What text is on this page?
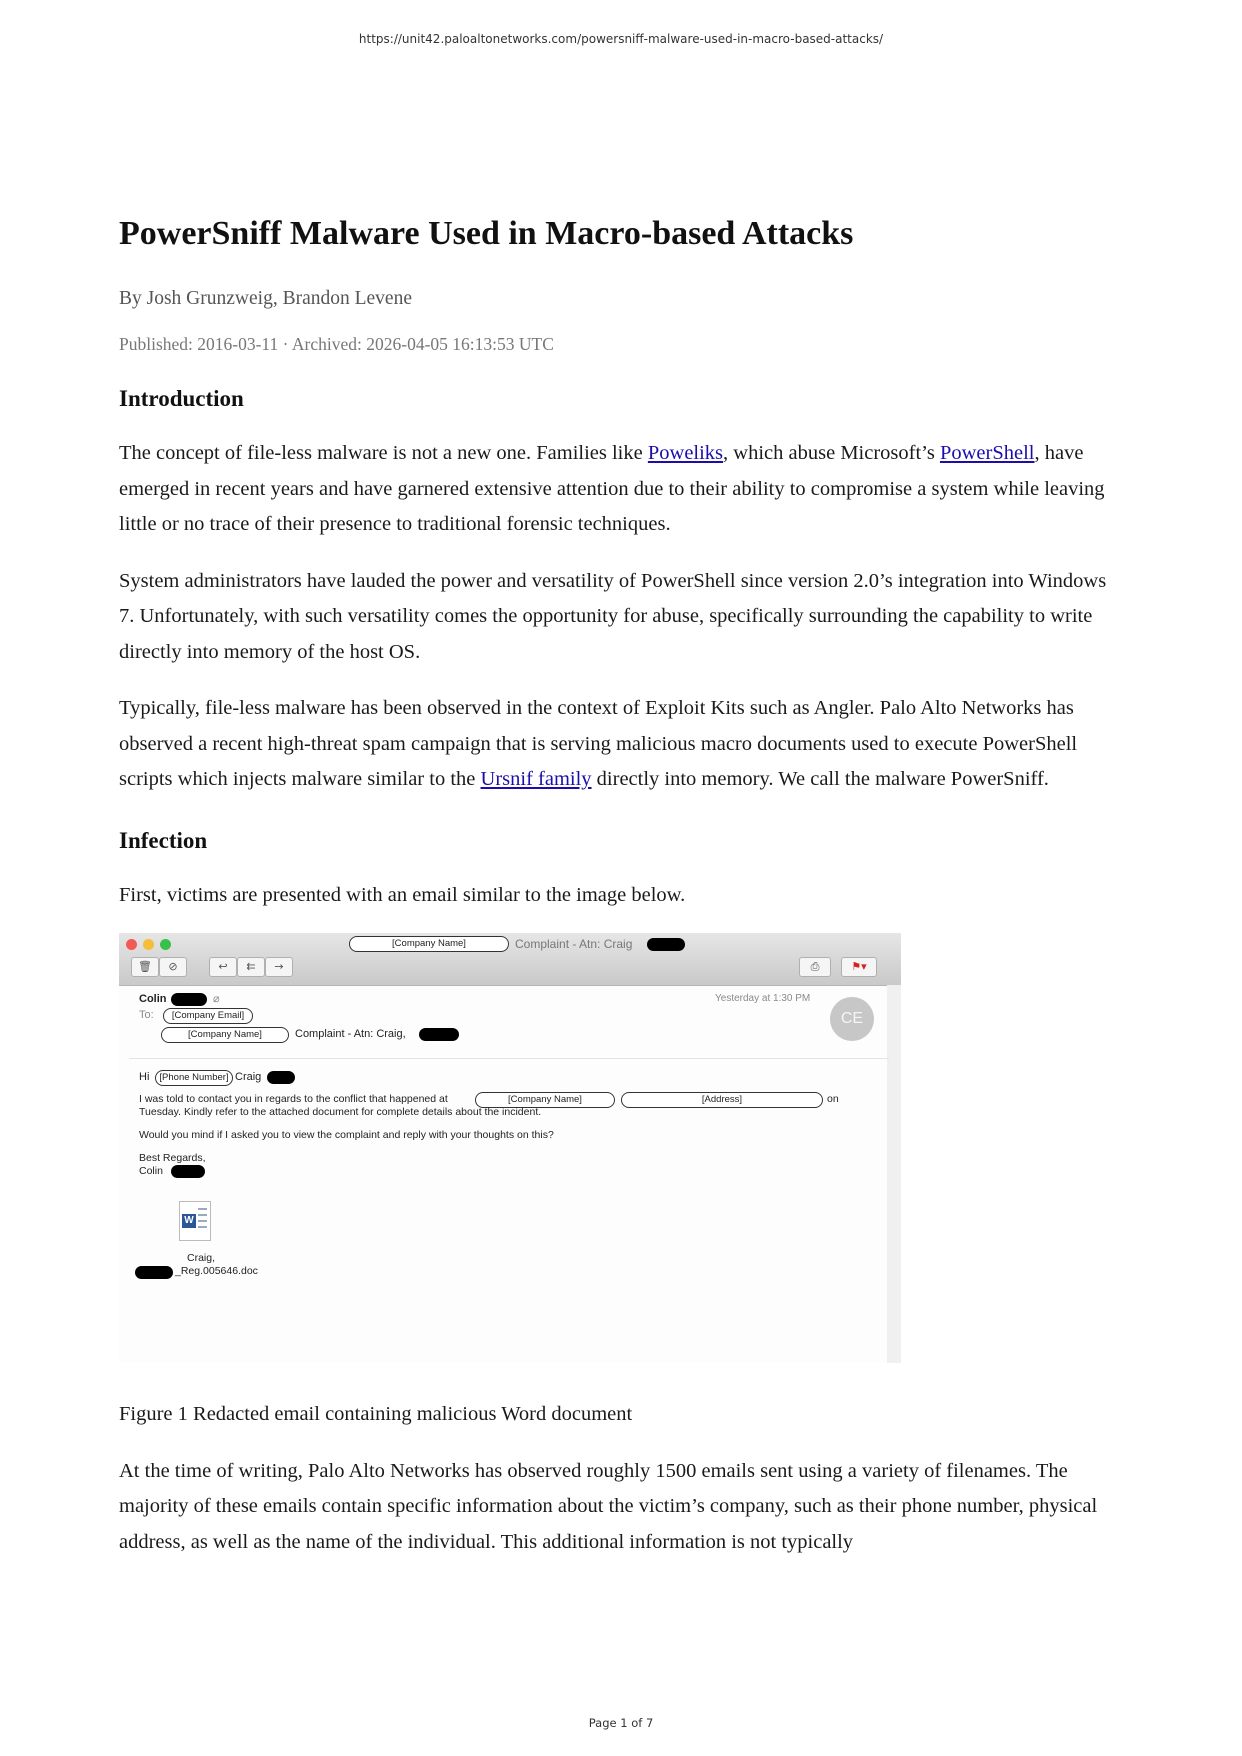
https://unit42.paloaltonetworks.com/powersniff-malware-used-in-macro-based-attacks/
PowerSniff Malware Used in Macro-based Attacks
By Josh Grunzweig, Brandon Levene
Published: 2016-03-11 · Archived: 2026-04-05 16:13:53 UTC
Introduction

The concept of file-less malware is not a new one. Families like Poweliks, which abuse Microsoft’s PowerShell, have emerged in recent years and have garnered extensive attention due to their ability to compromise a system while leaving little or no trace of their presence to traditional forensic techniques.

System administrators have lauded the power and versatility of PowerShell since version 2.0’s integration into Windows 7. Unfortunately, with such versatility comes the opportunity for abuse, specifically surrounding the capability to write directly into memory of the host OS.

Typically, file-less malware has been observed in the context of Exploit Kits such as Angler. Palo Alto Networks has observed a recent high-threat spam campaign that is serving malicious macro documents used to execute PowerShell scripts which injects malware similar to the Ursnif family directly into memory. We call the malware PowerSniff.

Infection

First, victims are presented with an email similar to the image below.

[Company Name]	Complaint - Atn: Craig
🗑	⊘	↩	⇇	→	⎙	⚑▾
Colin	⌀	Yesterday at 1:30 PM
CE
To:	[Company Email]
[Company Name]	Complaint - Atn: Craig,
Hi	[Phone Number] Craig
I was told to contact you in regards to the conflict that happened at	[Company Name]	[Address]	on
Tuesday. Kindly refer to the attached document for complete details about the incident.
Would you mind if I asked you to view the complaint and reply with your thoughts on this?
Best Regards,
Colin
W
Craig,
_Reg.005646.doc

Figure 1 Redacted email containing malicious Word document

At the time of writing, Palo Alto Networks has observed roughly 1500 emails sent using a variety of filenames. The majority of these emails contain specific information about the victim’s company, such as their phone number, physical address, as well as the name of the individual. This additional information is not typically

Page 1 of 7
